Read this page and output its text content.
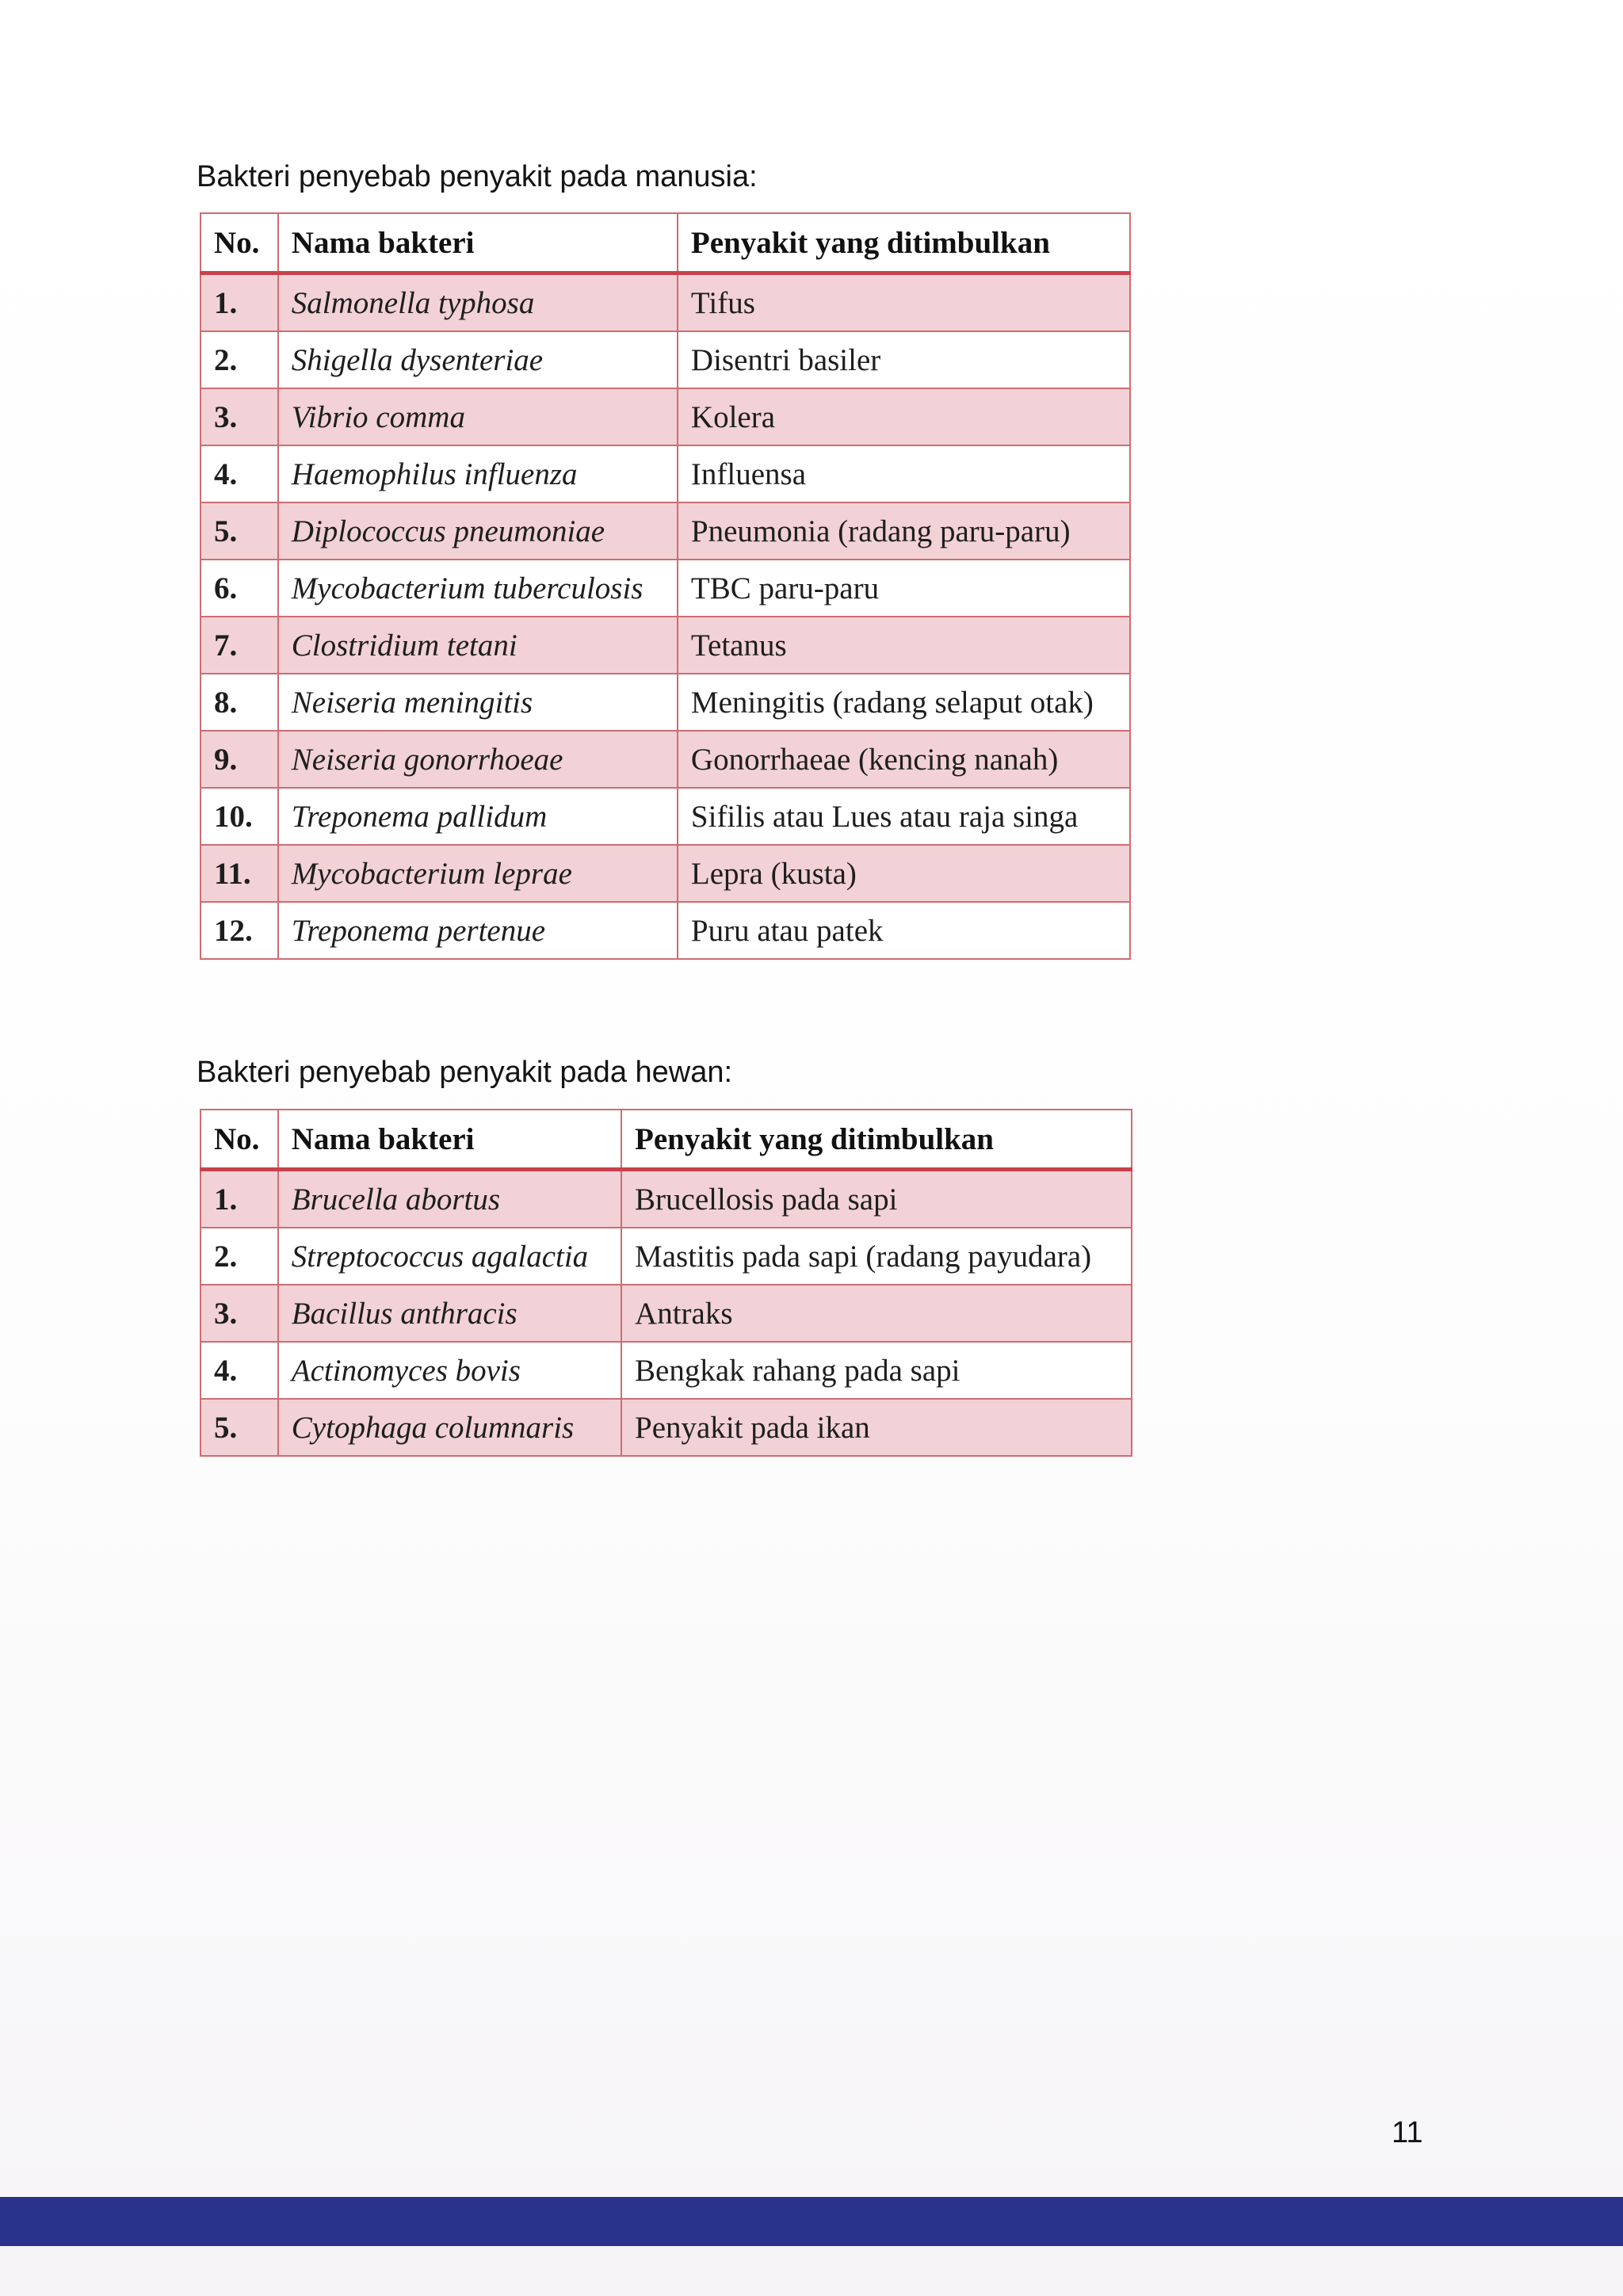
Bakteri penyebab penyakit pada manusia:

No.	Nama bakteri	Penyakit yang ditimbulkan
1.	Salmonella typhosa	Tifus
2.	Shigella dysenteriae	Disentri basiler
3.	Vibrio comma	Kolera
4.	Haemophilus influenza	Influensa
5.	Diplococcus pneumoniae	Pneumonia (radang paru-paru)
6.	Mycobacterium tuberculosis	TBC paru-paru
7.	Clostridium tetani	Tetanus
8.	Neiseria meningitis	Meningitis (radang selaput otak)
9.	Neiseria gonorrhoeae	Gonorrhaeae (kencing nanah)
10.	Treponema pallidum	Sifilis atau Lues atau raja singa
11.	Mycobacterium leprae	Lepra (kusta)
12.	Treponema pertenue	Puru atau patek

Bakteri penyebab penyakit pada hewan:

No.	Nama bakteri	Penyakit yang ditimbulkan
1.	Brucella abortus	Brucellosis pada sapi
2.	Streptococcus agalactia	Mastitis pada sapi (radang payudara)
3.	Bacillus anthracis	Antraks
4.	Actinomyces bovis	Bengkak rahang pada sapi
5.	Cytophaga columnaris	Penyakit pada ikan
11
